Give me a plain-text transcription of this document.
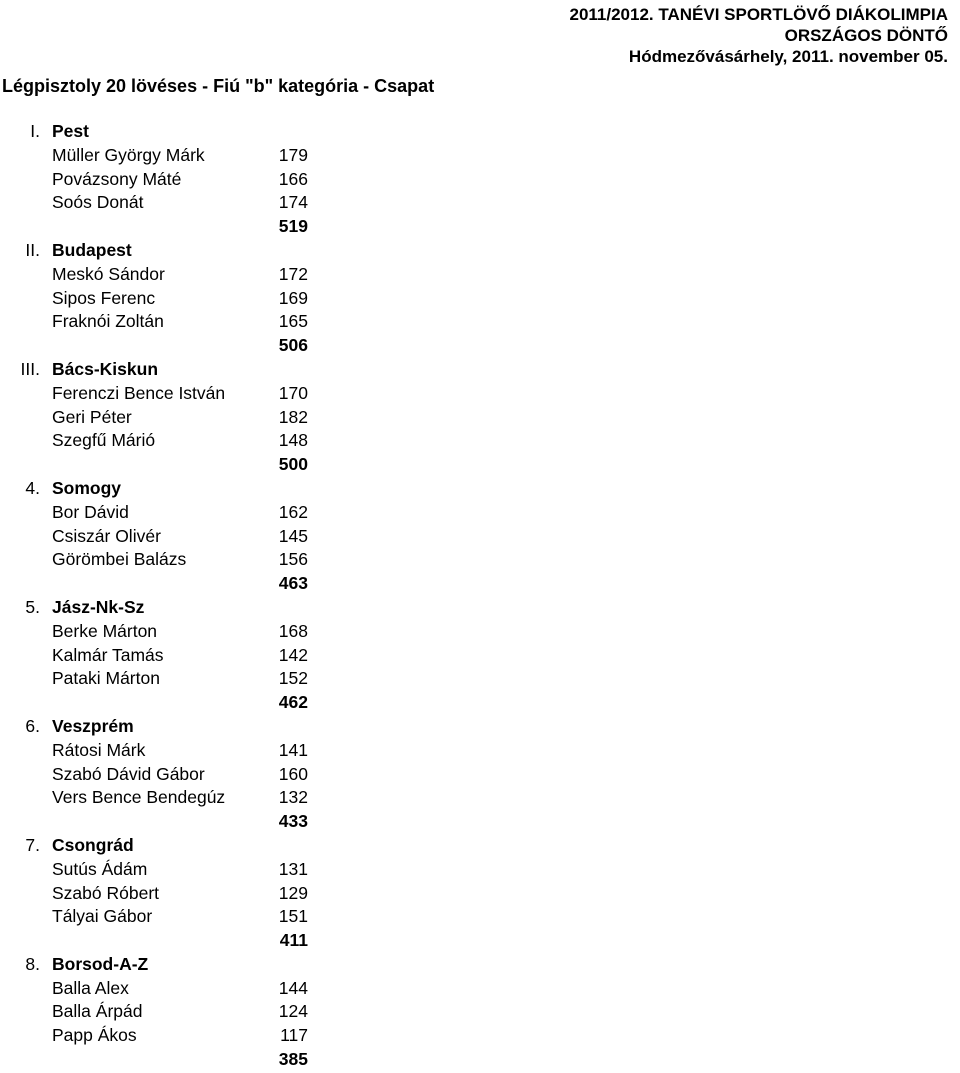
2011/2012. TANÉVI SPORTLÖVŐ DIÁKOLIMPIA
ORSZÁGOS DÖNTŐ
Hódmezővásárhely, 2011. november 05.
Légpisztoly 20 lövéses - Fiú "b" kategória - Csapat
I. Pest
Müller György Márk	179
Povázsony Máté	166
Soós Donát	174
519
II. Budapest
Meskó Sándor	172
Sipos Ferenc	169
Fraknói Zoltán	165
506
III. Bács-Kiskun
Ferenczi Bence István	170
Geri Péter	182
Szegfű Márió	148
500
4. Somogy
Bor Dávid	162
Csiszár Olivér	145
Görömbei Balázs	156
463
5. Jász-Nk-Sz
Berke Márton	168
Kalmár Tamás	142
Pataki Márton	152
462
6. Veszprém
Rátosi Márk	141
Szabó Dávid Gábor	160
Vers Bence Bendegúz	132
433
7. Csongrád
Sutús Ádám	131
Szabó Róbert	129
Tályai Gábor	151
411
8. Borsod-A-Z
Balla Alex	144
Balla Árpád	124
Papp Ákos	117
385
